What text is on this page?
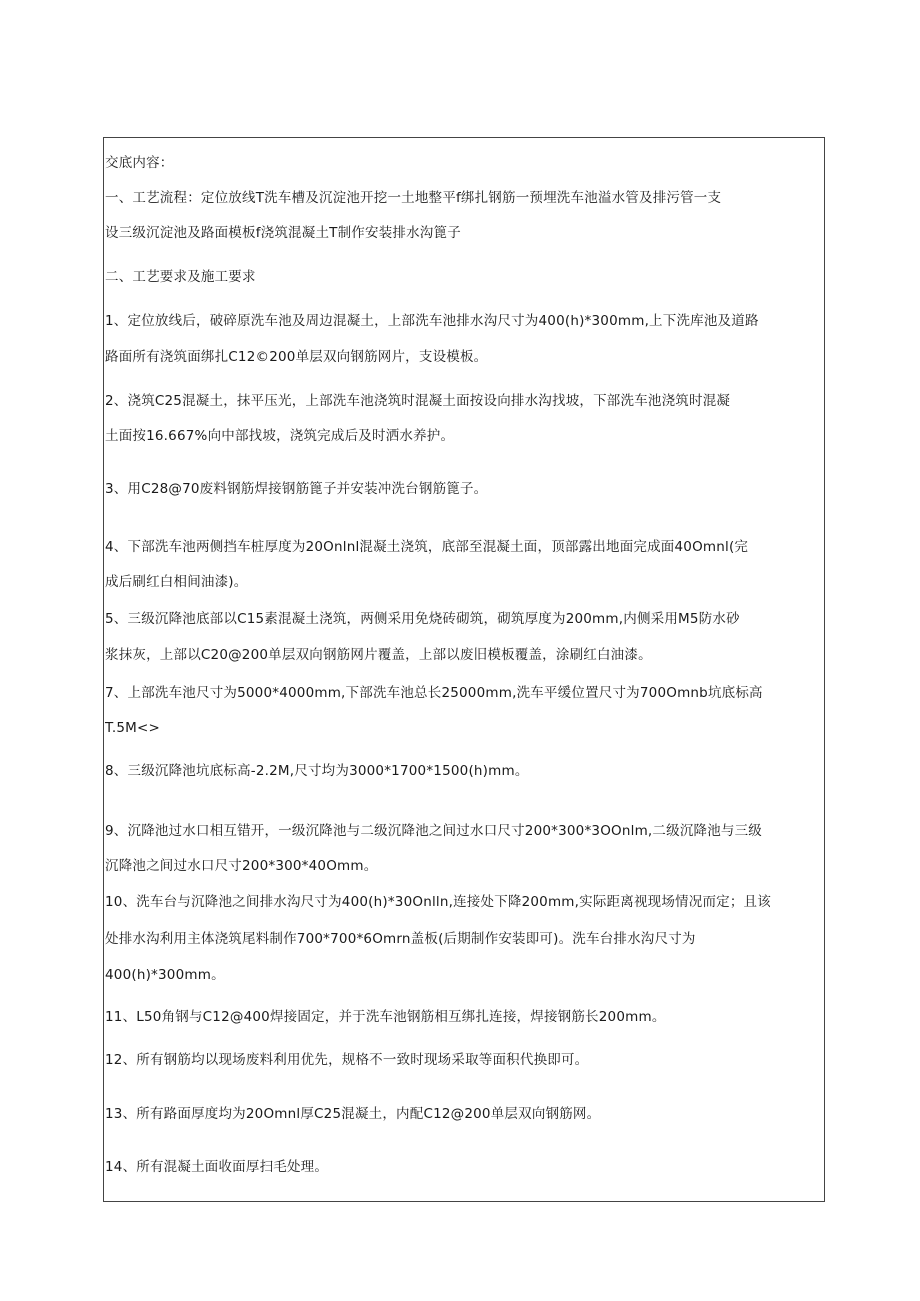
交底内容：

一、工艺流程：定位放线T洗车槽及沉淀池开挖一土地整平f绑扎钢筋一预埋洗车池溢水管及排污管一支

设三级沉淀池及路面模板f浇筑混凝土T制作安装排水沟篦子

二、工艺要求及施工要求

1、定位放线后，破碎原洗车池及周边混凝土，上部洗车池排水沟尺寸为400(h)*300mm,上下洗库池及道路

路面所有浇筑面绑扎C12©200单层双向钢筋网片，支设模板。

2、浇筑C25混凝土，抹平压光，上部洗车池浇筑时混凝土面按设向排水沟找坡，下部洗车池浇筑时混凝

土面按16.667%向中部找坡，浇筑完成后及时洒水养护。

3、用C28@70废料钢筋焊接钢筋篦子并安装冲洗台钢筋篦子。

4、下部洗车池两侧挡车桩厚度为20Onlnl混凝土浇筑，底部至混凝土面，顶部露出地面完成面40Omnl(完

成后刷红白相间油漆)。

5、三级沉降池底部以C15素混凝土浇筑，两侧采用免烧砖砌筑，砌筑厚度为200mm,内侧采用M5防水砂

浆抹灰，上部以C20@200单层双向钢筋网片覆盖，上部以废旧模板覆盖，涂刷红白油漆。

7、上部洗车池尺寸为5000*4000mm,下部洗车池总长25000mm,洗车平缓位置尺寸为700Omnb坑底标高

T.5M<>

8、三级沉降池坑底标高-2.2M,尺寸均为3000*1700*1500(h)mm。

9、沉降池过水口相互错开，一级沉降池与二级沉降池之间过水口尺寸200*300*3OOnlm,二级沉降池与三级

沉降池之间过水口尺寸200*300*40Omm。

10、洗车台与沉降池之间排水沟尺寸为400(h)*30Onlln,连接处下降200mm,实际距离视现场情况而定；且该

处排水沟利用主体浇筑尾料制作700*700*6Omrn盖板(后期制作安装即可)。洗车台排水沟尺寸为

400(h)*300mm。

11、L50角钢与C12@400焊接固定，并于洗车池钢筋相互绑扎连接，焊接钢筋长200mm。

12、所有钢筋均以现场废料利用优先，规格不一致时现场采取等面积代换即可。

13、所有路面厚度均为20Omnl厚C25混凝土，内配C12@200单层双向钢筋网。

14、所有混凝土面收面厚扫毛处理。
